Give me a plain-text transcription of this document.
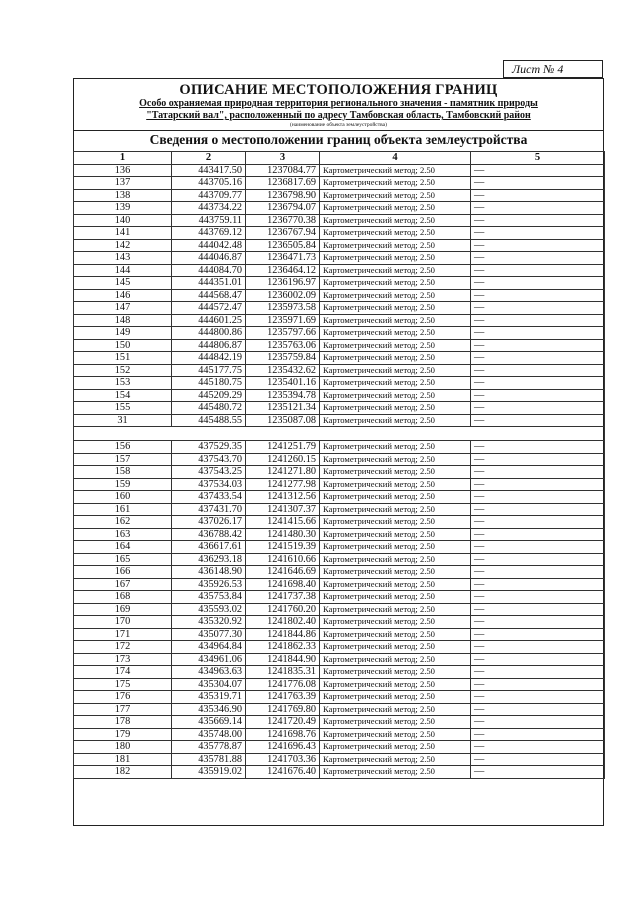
Лист № 4
ОПИСАНИЕ МЕСТОПОЛОЖЕНИЯ ГРАНИЦ
Особо охраняемая природная территория регионального значения - памятник природы
"Татарский вал", расположенный по адресу Тамбовская область, Тамбовский район
(наименование объекта землеустройства)
Сведения о местоположении границ объекта землеустройства
1	2	3	4	5
136	443417.50	1237084.77	Картометрический метод; 2.50	—
137	443705.16	1236817.69	Картометрический метод; 2.50	—
138	443709.77	1236798.90	Картометрический метод; 2.50	—
139	443734.22	1236794.07	Картометрический метод; 2.50	—
140	443759.11	1236770.38	Картометрический метод; 2.50	—
141	443769.12	1236767.94	Картометрический метод; 2.50	—
142	444042.48	1236505.84	Картометрический метод; 2.50	—
143	444046.87	1236471.73	Картометрический метод; 2.50	—
144	444084.70	1236464.12	Картометрический метод; 2.50	—
145	444351.01	1236196.97	Картометрический метод; 2.50	—
146	444568.47	1236002.09	Картометрический метод; 2.50	—
147	444572.47	1235973.58	Картометрический метод; 2.50	—
148	444601.25	1235971.69	Картометрический метод; 2.50	—
149	444800.86	1235797.66	Картометрический метод; 2.50	—
150	444806.87	1235763.06	Картометрический метод; 2.50	—
151	444842.19	1235759.84	Картометрический метод; 2.50	—
152	445177.75	1235432.62	Картометрический метод; 2.50	—
153	445180.75	1235401.16	Картометрический метод; 2.50	—
154	445209.29	1235394.78	Картометрический метод; 2.50	—
155	445480.72	1235121.34	Картометрический метод; 2.50	—
31	445488.55	1235087.08	Картометрический метод; 2.50	—

156	437529.35	1241251.79	Картометрический метод; 2.50	—
157	437543.70	1241260.15	Картометрический метод; 2.50	—
158	437543.25	1241271.80	Картометрический метод; 2.50	—
159	437534.03	1241277.98	Картометрический метод; 2.50	—
160	437433.54	1241312.56	Картометрический метод; 2.50	—
161	437431.70	1241307.37	Картометрический метод; 2.50	—
162	437026.17	1241415.66	Картометрический метод; 2.50	—
163	436788.42	1241480.30	Картометрический метод; 2.50	—
164	436617.61	1241519.39	Картометрический метод; 2.50	—
165	436293.18	1241610.66	Картометрический метод; 2.50	—
166	436148.90	1241646.69	Картометрический метод; 2.50	—
167	435926.53	1241698.40	Картометрический метод; 2.50	—
168	435753.84	1241737.38	Картометрический метод; 2.50	—
169	435593.02	1241760.20	Картометрический метод; 2.50	—
170	435320.92	1241802.40	Картометрический метод; 2.50	—
171	435077.30	1241844.86	Картометрический метод; 2.50	—
172	434964.84	1241862.33	Картометрический метод; 2.50	—
173	434961.06	1241844.90	Картометрический метод; 2.50	—
174	434963.63	1241835.31	Картометрический метод; 2.50	—
175	435304.07	1241776.08	Картометрический метод; 2.50	—
176	435319.71	1241763.39	Картометрический метод; 2.50	—
177	435346.90	1241769.80	Картометрический метод; 2.50	—
178	435669.14	1241720.49	Картометрический метод; 2.50	—
179	435748.00	1241698.76	Картометрический метод; 2.50	—
180	435778.87	1241696.43	Картометрический метод; 2.50	—
181	435781.88	1241703.36	Картометрический метод; 2.50	—
182	435919.02	1241676.40	Картометрический метод; 2.50	—
